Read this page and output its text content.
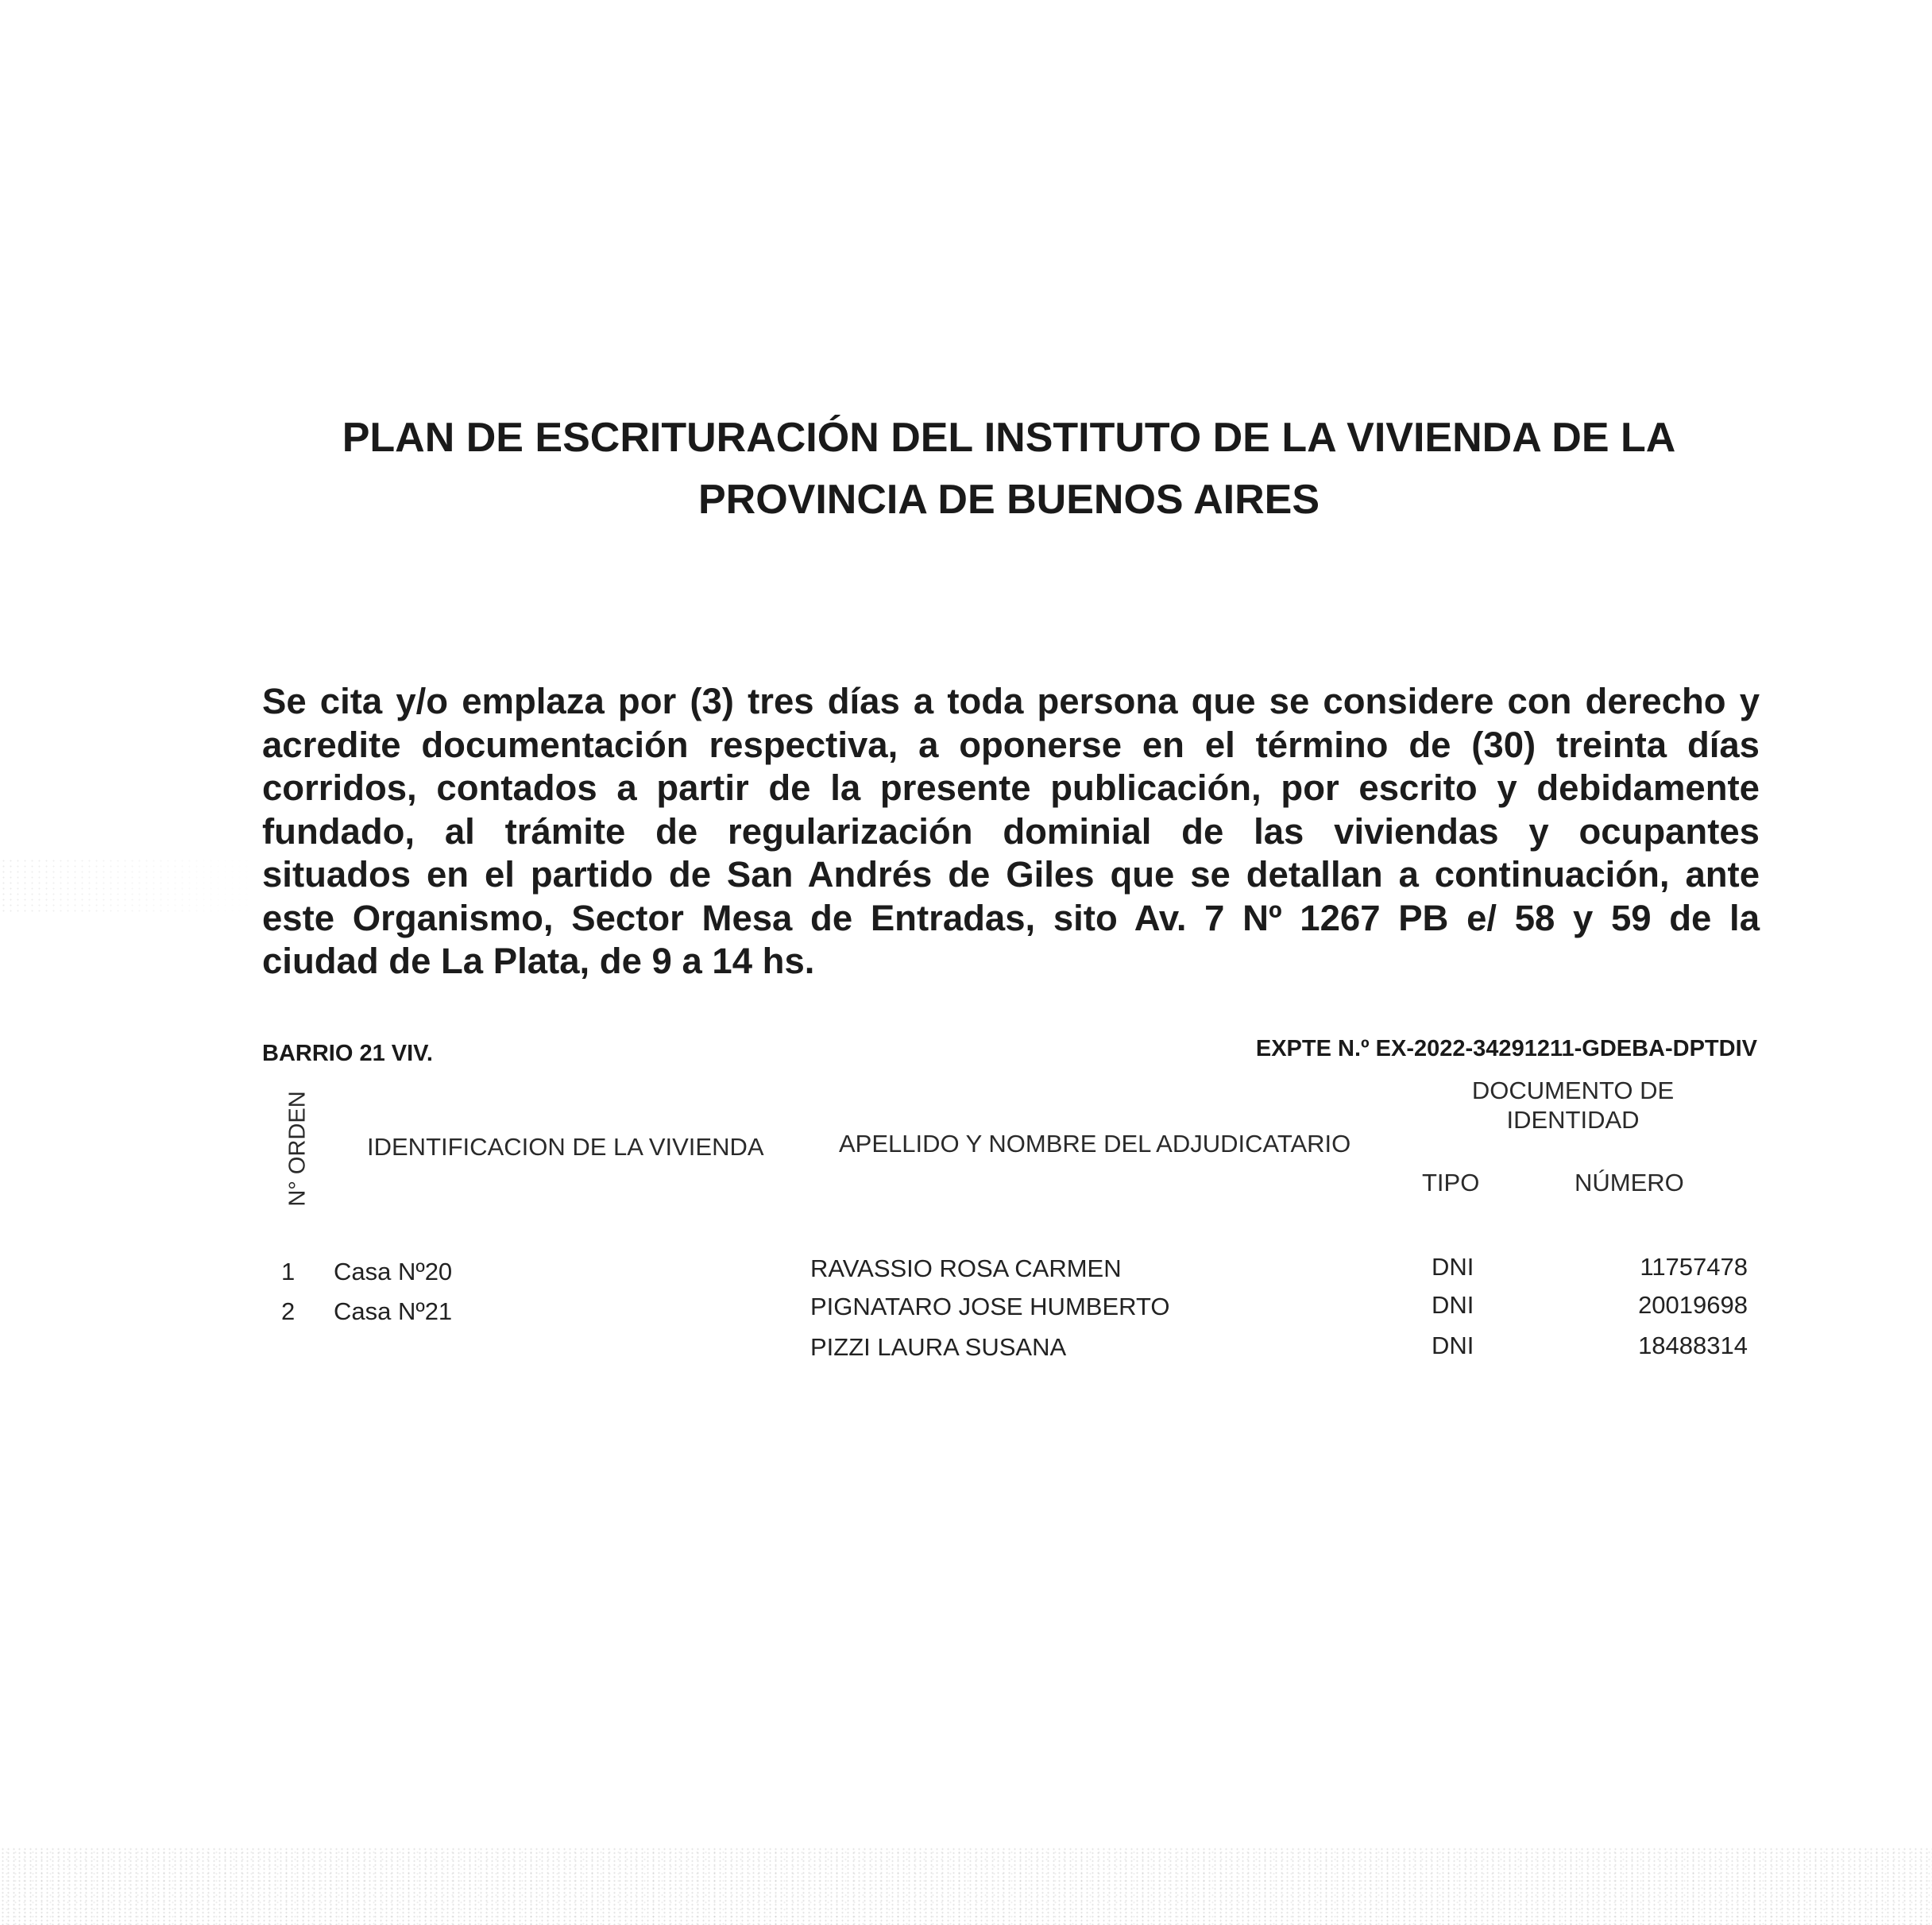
PLAN DE ESCRITURACIÓN DEL INSTITUTO DE LA VIVIENDA DE LA
PROVINCIA DE BUENOS AIRES
Se cita y/o emplaza por (3) tres días a toda persona que se considere con derecho y
acredite documentación respectiva, a oponerse en el término de (30) treinta días
corridos, contados a partir de la presente publicación, por escrito y debidamente
fundado, al trámite de regularización dominial de las viviendas y ocupantes
situados en el partido de San Andrés de Giles que se detallan a continuación, ante
este Organismo, Sector Mesa de Entradas, sito Av. 7 Nº 1267 PB e/ 58 y 59 de la
ciudad de La Plata, de 9 a 14 hs.
BARRIO 21 VIV.	EXPTE N.º EX-2022-34291211-GDEBA-DPTDIV
N° ORDEN IDENTIFICACION DE LA VIVIENDA	APELLIDO Y NOMBRE DEL ADJUDICATARIO
DOCUMENTO DE
IDENTIDAD
TIPO	NÚMERO
1 Casa Nº20	RAVASSIO ROSA CARMEN	DNI	11757478
2 Casa Nº21	PIGNATARO JOSE HUMBERTO	DNI	20019698
PIZZI LAURA SUSANA	DNI	18488314
